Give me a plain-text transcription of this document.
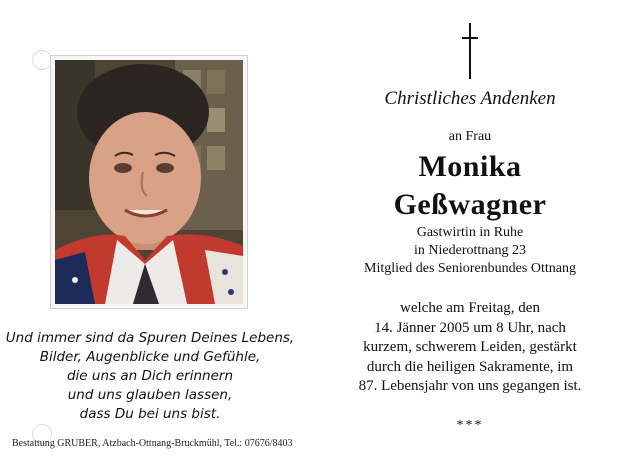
Christliches Andenken
an Frau
Monika
Geßwagner
Gastwirtin in Ruhe
in Niederottnang 23
Mitglied des Seniorenbundes Ottnang
welche am Freitag, den
14. Jänner 2005 um 8 Uhr, nach
kurzem, schwerem Leiden, gestärkt
durch die heiligen Sakramente, im
87. Lebensjahr von uns gegangen ist.
***
Und immer sind da Spuren Deines Lebens,
Bilder, Augenblicke und Gefühle,
die uns an Dich erinnern
und uns glauben lassen,
dass Du bei uns bist.
Bestattung GRUBER, Atzbach-Ottnang-Bruckmühl, Tel.: 07676/8403
